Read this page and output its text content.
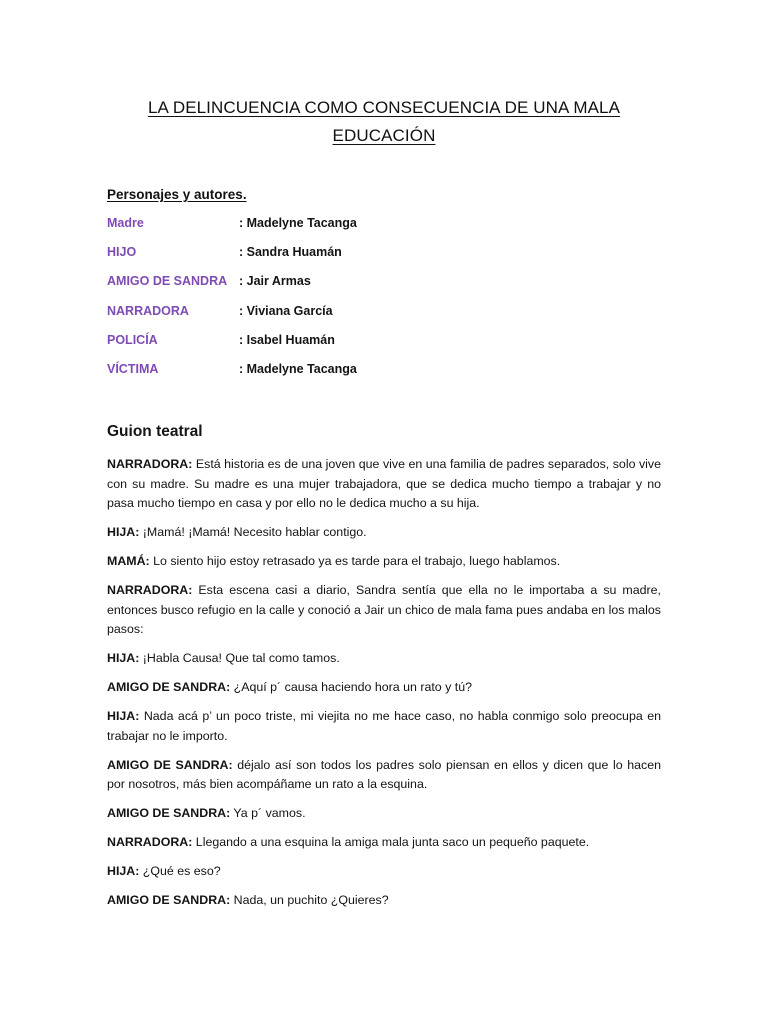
LA DELINCUENCIA COMO CONSECUENCIA DE UNA MALA EDUCACIÓN
Personajes y autores.
Madre	: Madelyne Tacanga
HIJO	: Sandra Huamán
AMIGO DE SANDRA : Jair Armas
NARRADORA	: Viviana García
POLICÍA	: Isabel Huamán
VÍCTIMA	: Madelyne Tacanga
Guion teatral

NARRADORA: Está historia es de una joven que vive en una familia de padres separados, solo vive con su madre. Su madre es una mujer trabajadora, que se dedica mucho tiempo a trabajar y no pasa mucho tiempo en casa y por ello no le dedica mucho a su hija.

HIJA: ¡Mamá! ¡Mamá! Necesito hablar contigo.

MAMÁ: Lo siento hijo estoy retrasado ya es tarde para el trabajo, luego hablamos.

NARRADORA: Esta escena casi a diario, Sandra sentía que ella no le importaba a su madre, entonces busco refugio en la calle y conoció a Jair un chico de mala fama pues andaba en los malos pasos:

HIJA: ¡Habla Causa! Que tal como tamos.

AMIGO DE SANDRA: ¿Aquí p´ causa haciendo hora un rato y tú?

HIJA: Nada acá p’ un poco triste, mi viejita no me hace caso, no habla conmigo solo preocupa en trabajar no le importo.

AMIGO DE SANDRA: déjalo así son todos los padres solo piensan en ellos y dicen que lo hacen por nosotros, más bien acompáñame un rato a la esquina.

AMIGO DE SANDRA: Ya p´ vamos.

NARRADORA: Llegando a una esquina la amiga mala junta saco un pequeño paquete.

HIJA: ¿Qué es eso?

AMIGO DE SANDRA: Nada, un puchito ¿Quieres?
